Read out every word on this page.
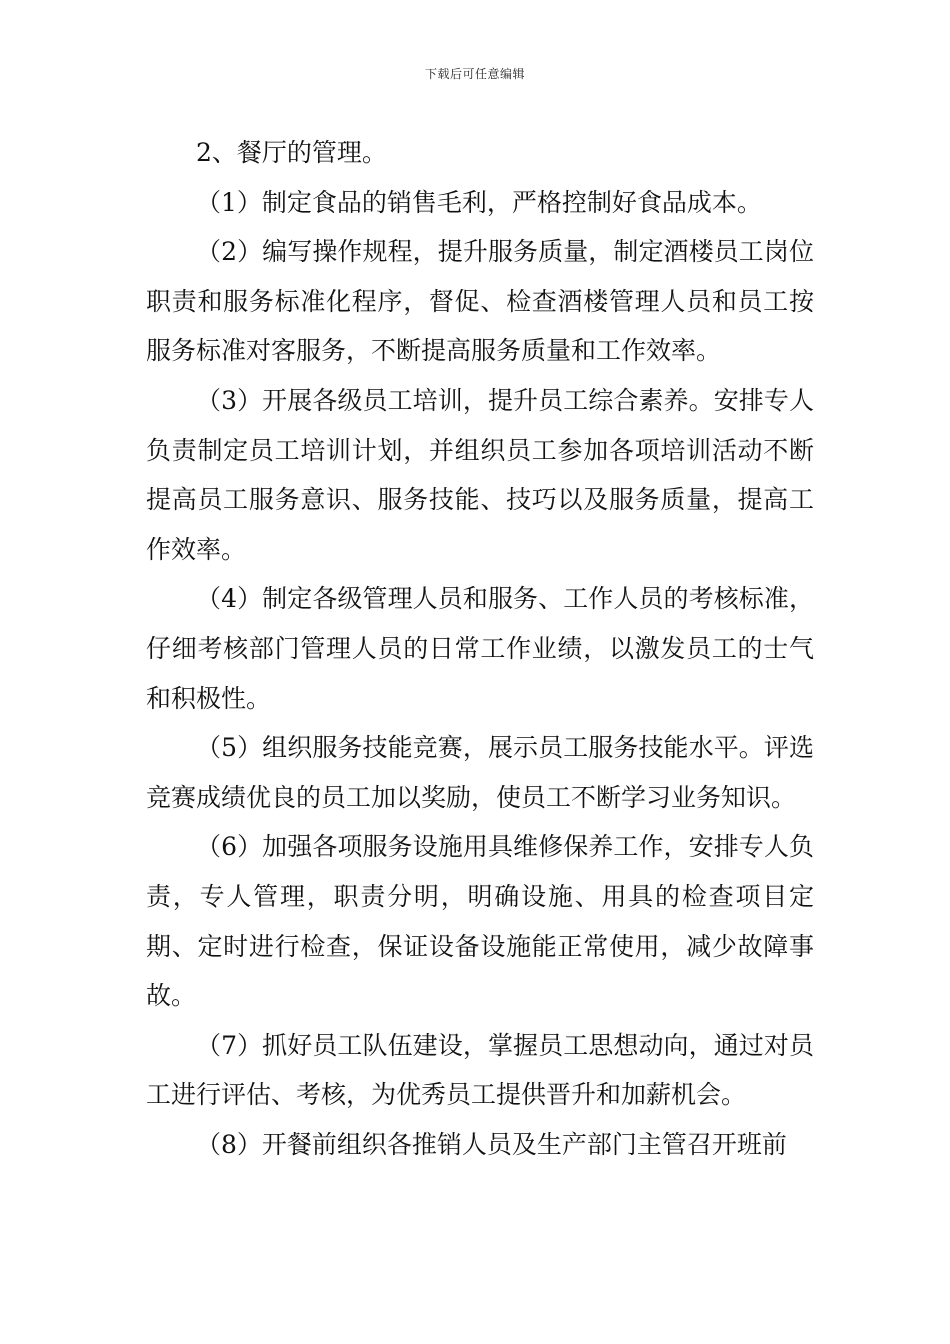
下载后可任意编辑

2、餐厅的管理。

（1）制定食品的销售毛利，严格控制好食品成本。

（2）编写操作规程，提升服务质量，制定酒楼员工岗位职责和服务标准化程序，督促、检查酒楼管理人员和员工按服务标准对客服务，不断提高服务质量和工作效率。

（3）开展各级员工培训，提升员工综合素养。安排专人负责制定员工培训计划，并组织员工参加各项培训活动不断提高员工服务意识、服务技能、技巧以及服务质量，提高工作效率。

（4）制定各级管理人员和服务、工作人员的考核标准，仔细考核部门管理人员的日常工作业绩，以激发员工的士气和积极性。

（5）组织服务技能竞赛，展示员工服务技能水平。评选竞赛成绩优良的员工加以奖励，使员工不断学习业务知识。

（6）加强各项服务设施用具维修保养工作，安排专人负责，专人管理，职责分明，明确设施、用具的检查项目定期、定时进行检查，保证设备设施能正常使用，减少故障事故。

（7）抓好员工队伍建设，掌握员工思想动向，通过对员工进行评估、考核，为优秀员工提供晋升和加薪机会。

（8）开餐前组织各推销人员及生产部门主管召开班前
